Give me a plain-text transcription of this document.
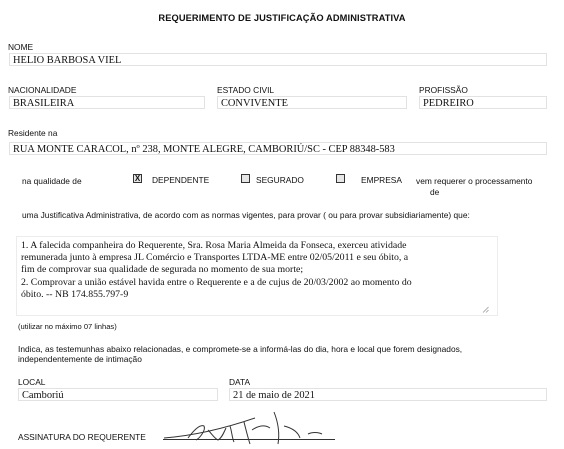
REQUERIMENTO DE JUSTIFICAÇÃO ADMINISTRATIVA
NOME
HELIO BARBOSA VIEL
NACIONALIDADE
BRASILEIRA
ESTADO CIVIL
CONVIVENTE
PROFISSÃO
PEDREIRO
Residente na
RUA MONTE CARACOL, nº 238, MONTE ALEGRE, CAMBORIÚ/SC - CEP 88348-583
na qualidade de	X DEPENDENTE	SEGURADO	EMPRESA vem requerer o processamento
de
uma Justificativa Administrativa, de acordo com as normas vigentes, para provar ( ou para provar subsidiariamente) que:

1. A falecida companheira do Requerente, Sra. Rosa Maria Almeida da Fonseca, exerceu atividade

remunerada junto à empresa JL Comércio e Transportes LTDA-ME entre 02/05/2011 e seu óbito, a

fim de comprovar sua qualidade de segurada no momento de sua morte;

2. Comprovar a união estável havida entre o Requerente e a de cujus de 20/03/2002 ao momento do

óbito. -- NB 174.855.797-9

(utilizar no máximo 07 linhas)
Indica, as testemunhas abaixo relacionadas, e compromete-se a informá-las do dia, hora e local que forem designados,
independentemente de intimação
LOCAL
Camboriú
DATA
21 de maio de 2021
ASSINATURA DO REQUERENTE
